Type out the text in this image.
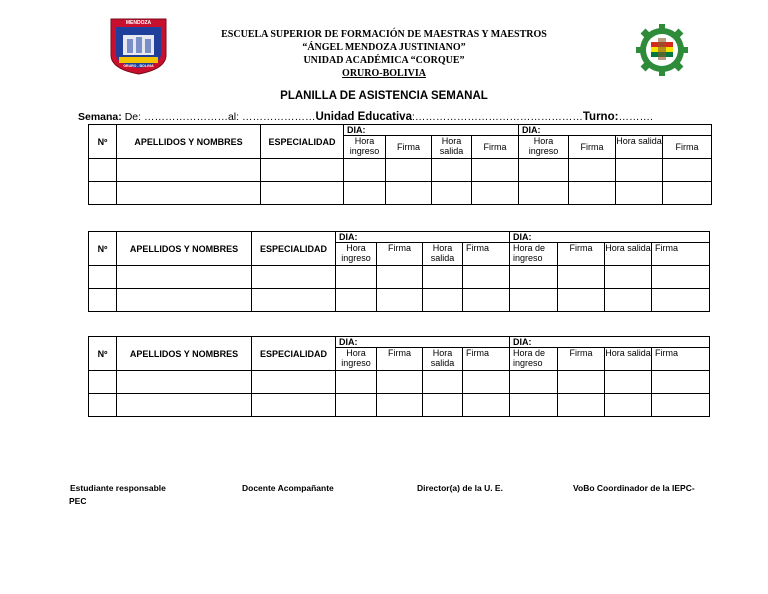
MENDOZA
ORURO - BOLIVIA
ESCUELA SUPERIOR DE FORMACIÓN DE MAESTRAS Y MAESTROS
“ÁNGEL MENDOZA JUSTINIANO”
UNIDAD ACADÉMICA “CORQUE”
ORURO-BOLIVIA
PLANILLA DE ASISTENCIA SEMANAL
Semana: De: ……………………al: …………………Unidad Educativa:…………………………………………Turno:……….
Nº	APELLIDOS Y NOMBRES	ESPECIALIDAD	DIA:				DIA:			
			Hora ingreso	Firma	Hora salida	Firma	Hora ingreso	Firma	Hora salida	Firma

Nº	APELLIDOS Y NOMBRES	ESPECIALIDAD	DIA:				DIA:			
			Hora ingreso	Firma	Hora salida	Firma	Hora de ingreso	Firma	Hora salida	Firma

Nº	APELLIDOS Y NOMBRES	ESPECIALIDAD	DIA:				DIA:			
			Hora ingreso	Firma	Hora salida	Firma	Hora de ingreso	Firma	Hora salida	Firma

Estudiante responsable
PEC
Docente Acompañante	Director(a) de la U. E.	VoBo Coordinador de la IEPC-
